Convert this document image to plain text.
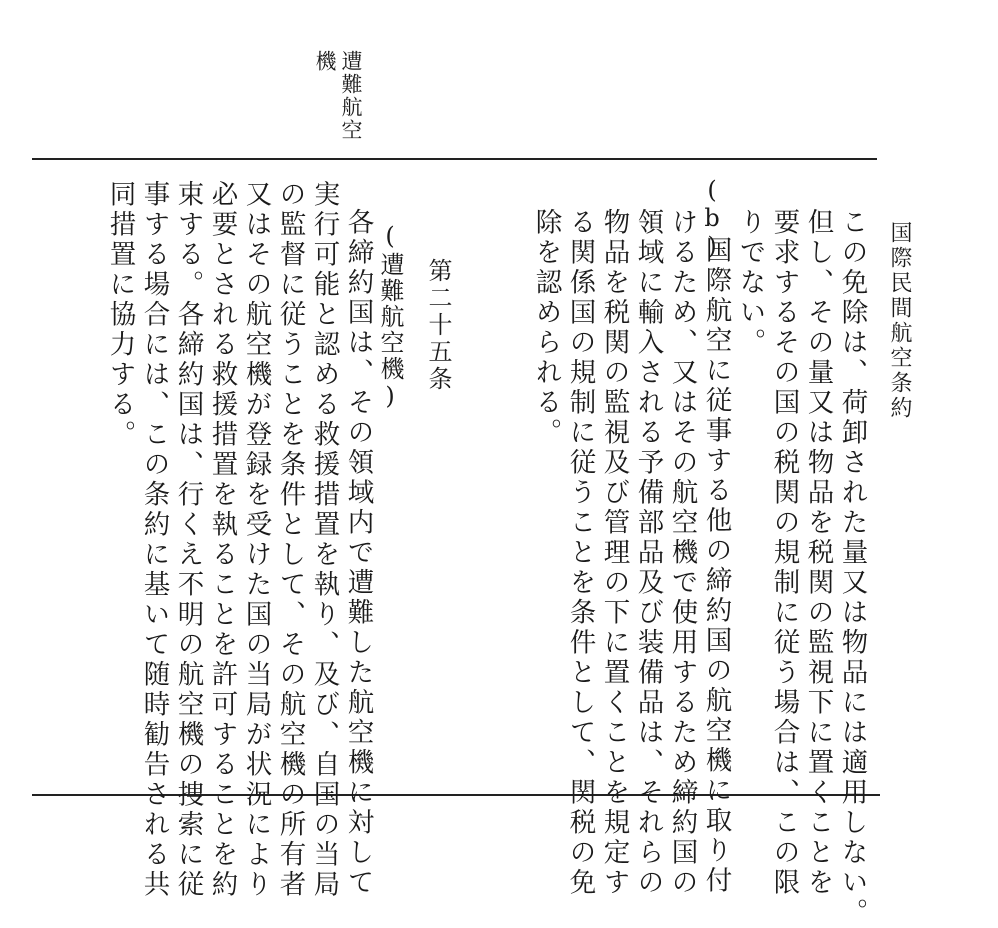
国際民間航空条約
遭難航空
機
この免除は、荷卸された量又は物品には適用しない。
但し、その量又は物品を税関の監視下に置くことを
要求するその国の税関の規制に従う場合は、この限
りでない。
(b)
国際航空に従事する他の締約国の航空機に取り付
けるため、又はその航空機で使用するため締約国の
領域に輸入される予備部品及び装備品は、それらの
物品を税関の監視及び管理の下に置くことを規定す
る関係国の規制に従うことを条件として、関税の免
除を認められる。
第二十五条
(遭難航空機)
各締約国は、その領域内で遭難した航空機に対して
実行可能と認める救援措置を執り、及び、自国の当局
の監督に従うことを条件として、その航空機の所有者
又はその航空機が登録を受けた国の当局が状況により
必要とされる救援措置を執ることを許可することを約
束する。各締約国は、行くえ不明の航空機の捜索に従
事する場合には、この条約に基いて随時勧告される共
同措置に協力する。
